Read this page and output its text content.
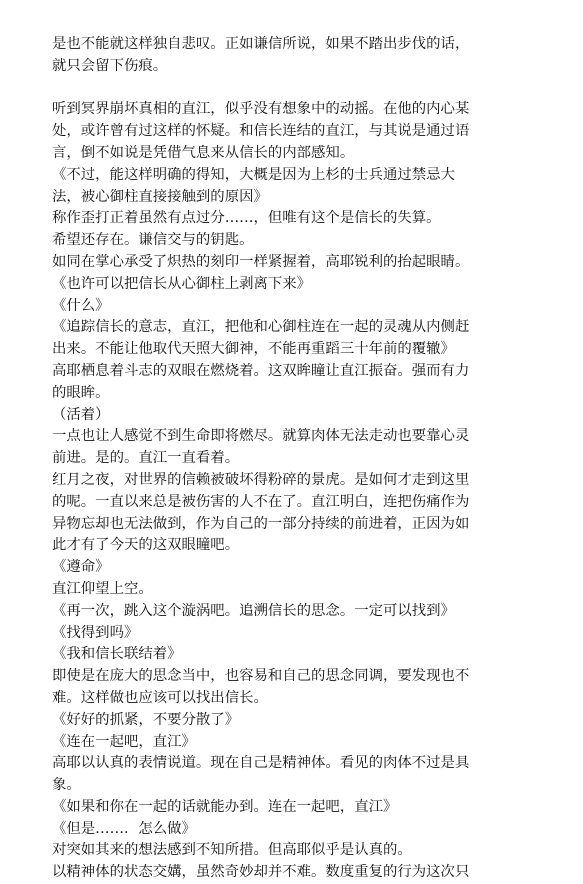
是也不能就这样独自悲叹。正如谦信所说，如果不踏出步伐的话，
就只会留下伤痕。
听到冥界崩坏真相的直江，似乎没有想象中的动摇。在他的内心某
处，或许曾有过这样的怀疑。和信长连结的直江，与其说是通过语
言，倒不如说是凭借气息来从信长的内部感知。
《不过，能这样明确的得知，大概是因为上杉的士兵通过禁忌大
法，被心御柱直接接触到的原因》
称作歪打正着虽然有点过分……，但唯有这个是信长的失算。
希望还存在。谦信交与的钥匙。
如同在掌心承受了炽热的刻印一样紧握着，高耶锐利的抬起眼睛。
《也许可以把信长从心御柱上剥离下来》
《什么》
《追踪信长的意志，直江，把他和心御柱连在一起的灵魂从内侧赶
出来。不能让他取代天照大御神，不能再重蹈三十年前的覆辙》
高耶栖息着斗志的双眼在燃烧着。这双眸瞳让直江振奋。强而有力
的眼眸。
（活着）
一点也让人感觉不到生命即将燃尽。就算肉体无法走动也要靠心灵
前进。是的。直江一直看着。
红月之夜，对世界的信赖被破坏得粉碎的景虎。是如何才走到这里
的呢。一直以来总是被伤害的人不在了。直江明白，连把伤痛作为
异物忘却也无法做到，作为自己的一部分持续的前进着，正因为如
此才有了今天的这双眼瞳吧。
《遵命》
直江仰望上空。
《再一次，跳入这个漩涡吧。追溯信长的思念。一定可以找到》
《找得到吗》
《我和信长联结着》
即使是在庞大的思念当中，也容易和自己的思念同调，要发现也不
难。这样做也应该可以找出信长。
《好好的抓紧，不要分散了》
《连在一起吧，直江》
高耶以认真的表情说道。现在自己是精神体。看见的肉体不过是具
象。
《如果和你在一起的话就能办到。连在一起吧，直江》
《但是……．怎么做》
对突如其来的想法感到不知所措。但高耶似乎是认真的。
以精神体的状态交媾，虽然奇妙却并不难。数度重复的行为这次只
